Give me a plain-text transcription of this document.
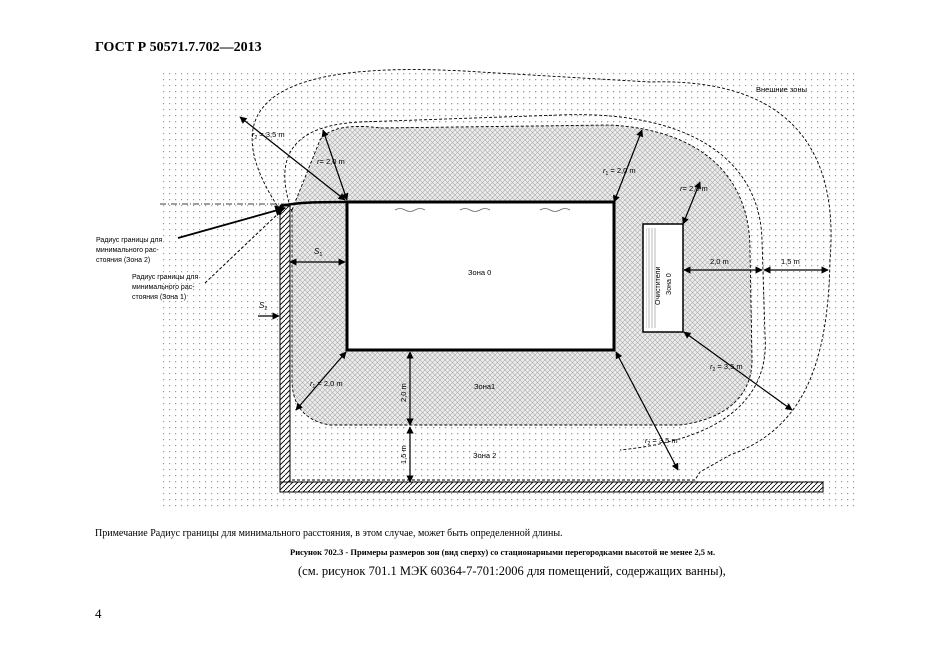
ГОСТ Р 50571.7.702—2013
Внешние зоны
Зона 0
Зона1
Зона 2
Очистители Зона 0
$r_2 = 3,5$ m
r= 2,0 m
$r_1 = 2,0$ m
r= 2,0 m
2,0 m	1,5 m
$r_2 = 3,5$ m
$r_2 = 3,5$ m
$r_1 = 2,0$ m	2,0 m
1,5 m
$S_1$
$S_2$
Радиус границы для минимального рас- стояния (Зона 2)
Радиус границы для минимального рас- стояния (Зона 1)
Примечание Радиус границы для минимального расстояния, в этом случае, может быть определенной длины.
Рисунок 702.3 - Примеры размеров зон (вид сверху) со стационарными перегородками высотой не менее 2,5 м.
(см. рисунок 701.1 МЭК 60364-7-701:2006 для помещений, содержащих ванны),
4
